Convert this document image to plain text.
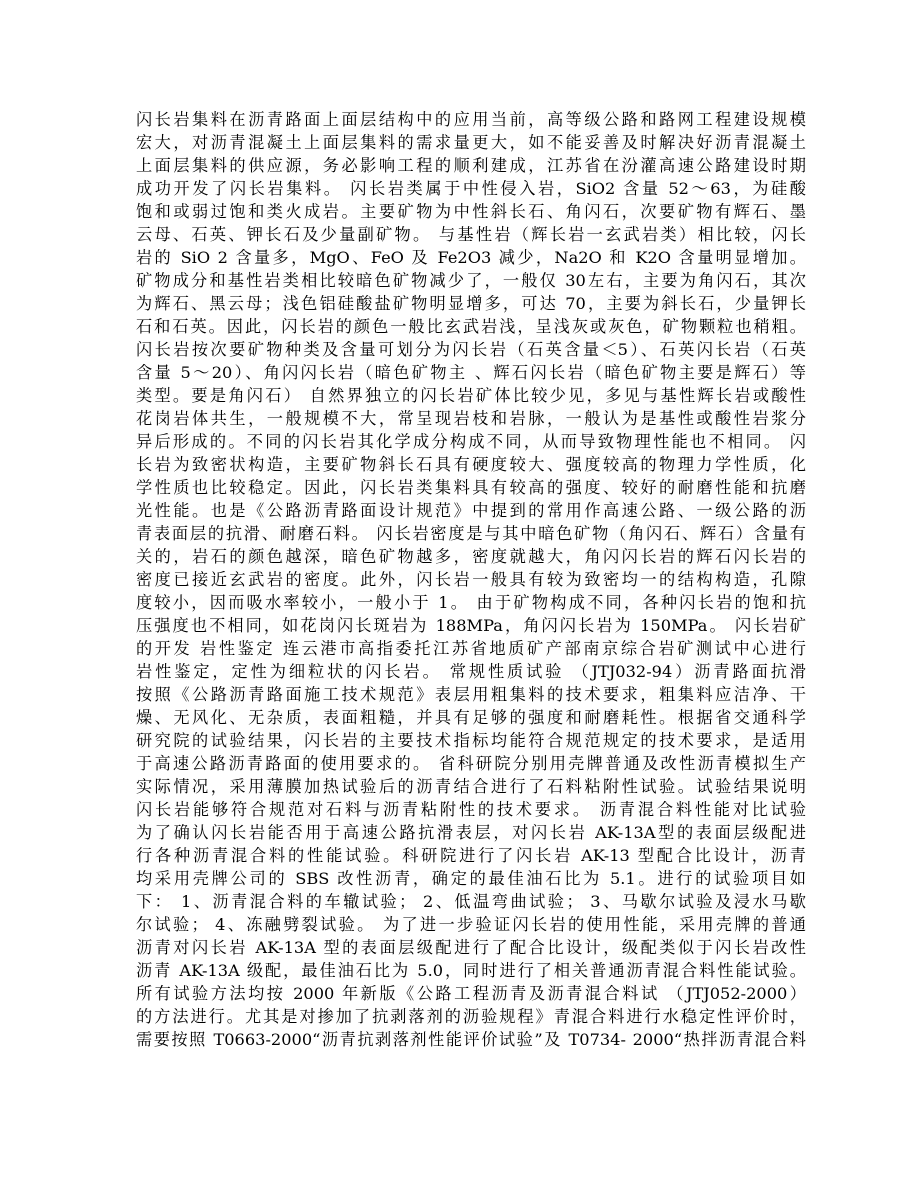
闪长岩集料在沥青路面上面层结构中的应用当前，高等级公路和路网工程建设规模
宏大，对沥青混凝土上面层集料的需求量更大，如不能妥善及时解决好沥青混凝土
上面层集料的供应源，务必影响工程的顺利建成，江苏省在汾灌高速公路建设时期
成功开发了闪长岩集料。 闪长岩类属于中性侵入岩，SiO2 含量 52～63，为硅酸
饱和或弱过饱和类火成岩。主要矿物为中性斜长石、角闪石，次要矿物有辉石、墨
云母、石英、钾长石及少量副矿物。 与基性岩（辉长岩一玄武岩类）相比较，闪长
岩的 SiO 2 含量多，MgO、FeO 及 Fe2O3 减少，Na2O 和 K2O 含量明显增加。
矿物成分和基性岩类相比较暗色矿物减少了，一般仅 30左右，主要为角闪石，其次
为辉石、黑云母；浅色铝硅酸盐矿物明显增多，可达 70，主要为斜长石，少量钾长
石和石英。因此，闪长岩的颜色一般比玄武岩浅，呈浅灰或灰色，矿物颗粒也稍粗。
闪长岩按次要矿物种类及含量可划分为闪长岩（石英含量＜5）、石英闪长岩（石英
含量 5～20）、角闪闪长岩（暗色矿物主 、辉石闪长岩（暗色矿物主要是辉石）等
类型。要是角闪石） 自然界独立的闪长岩矿体比较少见，多见与基性辉长岩或酸性
花岗岩体共生，一般规模不大，常呈现岩枝和岩脉，一般认为是基性或酸性岩浆分
异后形成的。不同的闪长岩其化学成分构成不同，从而导致物理性能也不相同。 闪
长岩为致密状构造，主要矿物斜长石具有硬度较大、强度较高的物理力学性质，化
学性质也比较稳定。因此，闪长岩类集料具有较高的强度、较好的耐磨性能和抗磨
光性能。也是《公路沥青路面设计规范》中提到的常用作高速公路、一级公路的沥
青表面层的抗滑、耐磨石料。 闪长岩密度是与其中暗色矿物（角闪石、辉石）含量有
关的，岩石的颜色越深，暗色矿物越多，密度就越大，角闪闪长岩的辉石闪长岩的
密度已接近玄武岩的密度。此外，闪长岩一般具有较为致密均一的结构构造，孔隙
度较小，因而吸水率较小，一般小于 1。 由于矿物构成不同，各种闪长岩的饱和抗
压强度也不相同，如花岗闪长斑岩为 188MPa，角闪闪长岩为 150MPa。 闪长岩矿
的开发 岩性鉴定 连云港市高指委托江苏省地质矿产部南京综合岩矿测试中心进行
岩性鉴定，定性为细粒状的闪长岩。 常规性质试验 （JTJ032-94）沥青路面抗滑
按照《公路沥青路面施工技术规范》表层用粗集料的技术要求，粗集料应洁净、干
燥、无风化、无杂质，表面粗糙，并具有足够的强度和耐磨耗性。根据省交通科学
研究院的试验结果，闪长岩的主要技术指标均能符合规范规定的技术要求，是适用
于高速公路沥青路面的使用要求的。 省科研院分别用壳牌普通及改性沥青模拟生产
实际情况，采用薄膜加热试验后的沥青结合进行了石料粘附性试验。试验结果说明
闪长岩能够符合规范对石料与沥青粘附性的技术要求。 沥青混合料性能对比试验
为了确认闪长岩能否用于高速公路抗滑表层，对闪长岩 AK-13A型的表面层级配进
行各种沥青混合料的性能试验。科研院进行了闪长岩 AK-13 型配合比设计，沥青
均采用壳牌公司的 SBS 改性沥青，确定的最佳油石比为 5.1。进行的试验项目如
下： 1、沥青混合料的车辙试验； 2、低温弯曲试验； 3、马歇尔试验及浸水马歇
尔试验； 4、冻融劈裂试验。 为了进一步验证闪长岩的使用性能，采用壳牌的普通
沥青对闪长岩 AK-13A 型的表面层级配进行了配合比设计，级配类似于闪长岩改性
沥青 AK-13A 级配，最佳油石比为 5.0，同时进行了相关普通沥青混合料性能试验。
所有试验方法均按 2000 年新版《公路工程沥青及沥青混合料试 （JTJ052-2000）
的方法进行。尤其是对掺加了抗剥落剂的沥验规程》青混合料进行水稳定性评价时，
需要按照 T0663-2000“沥青抗剥落剂性能评价试验”及 T0734- 2000“热拌沥青混合料
